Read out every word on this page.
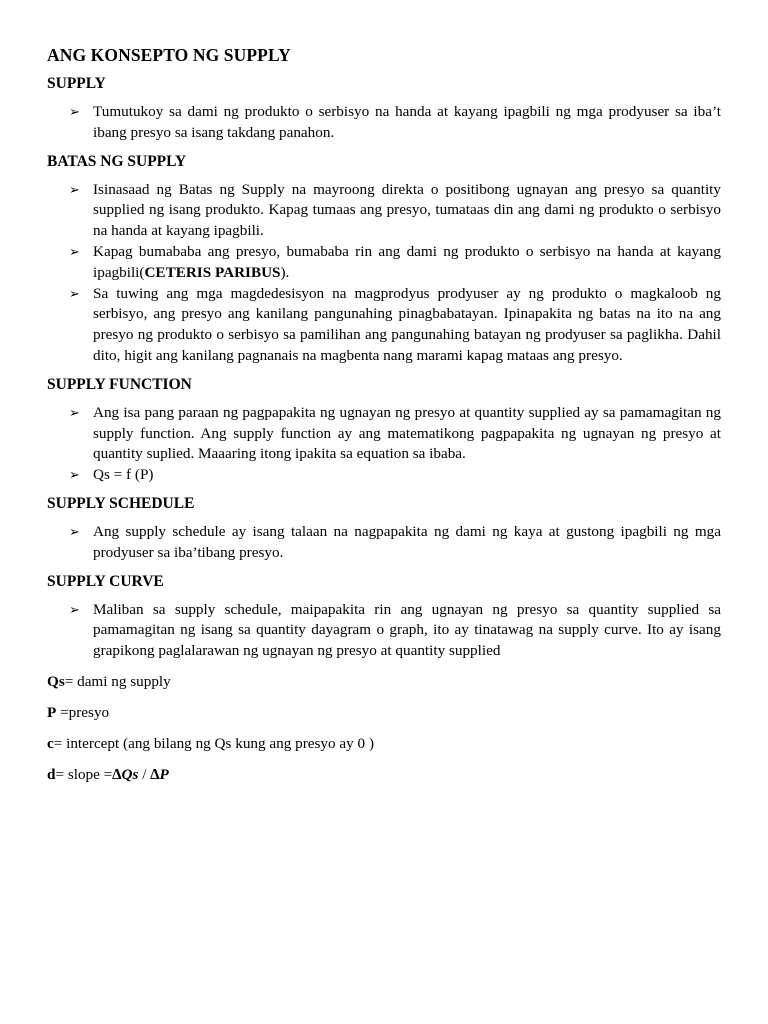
ANG KONSEPTO NG SUPPLY
SUPPLY
➢ Tumutukoy sa dami ng produkto o serbisyo na handa at kayang ipagbili ng mga prodyuser sa iba’t ibang presyo sa isang takdang panahon.
BATAS NG SUPPLY
➢ Isinasaad ng Batas ng Supply na mayroong direkta o positibong ugnayan ang presyo sa quantity supplied ng isang produkto. Kapag tumaas ang presyo, tumataas din ang dami ng produkto o serbisyo na handa at kayang ipagbili.
➢ Kapag bumababa ang presyo, bumababa rin ang dami ng produkto o serbisyo na handa at kayang ipagbili(CETERIS PARIBUS).
➢ Sa tuwing ang mga magdedesisyon na magprodyus prodyuser ay ng produkto o magkaloob ng serbisyo, ang presyo ang kanilang pangunahing pinagbabatayan. Ipinapakita ng batas na ito na ang presyo ng produkto o serbisyo sa pamilihan ang pangunahing batayan ng prodyuser sa paglikha. Dahil dito, higit ang kanilang pagnanais na magbenta nang marami kapag mataas ang presyo.
SUPPLY FUNCTION
➢ Ang isa pang paraan ng pagpapakita ng ugnayan ng presyo at quantity supplied ay sa pamamagitan ng supply function. Ang supply function ay ang matematikong pagpapakita ng ugnayan ng presyo at quantity suplied. Maaaring itong ipakita sa equation sa ibaba.
➢ Qs = f (P)
SUPPLY SCHEDULE
➢ Ang supply schedule ay isang talaan na nagpapakita ng dami ng kaya at gustong ipagbili ng mga prodyuser sa iba’tibang presyo.
SUPPLY CURVE
➢ Maliban sa supply schedule, maipapakita rin ang ugnayan ng presyo sa quantity supplied sa pamamagitan ng isang sa quantity dayagram o graph, ito ay tinatawag na supply curve. Ito ay isang grapikong paglalarawan ng ugnayan ng presyo at quantity supplied
Qs= dami ng supply
P =presyo
c= intercept (ang bilang ng Qs kung ang presyo ay 0 )
d= slope =∆Qs / ∆P
